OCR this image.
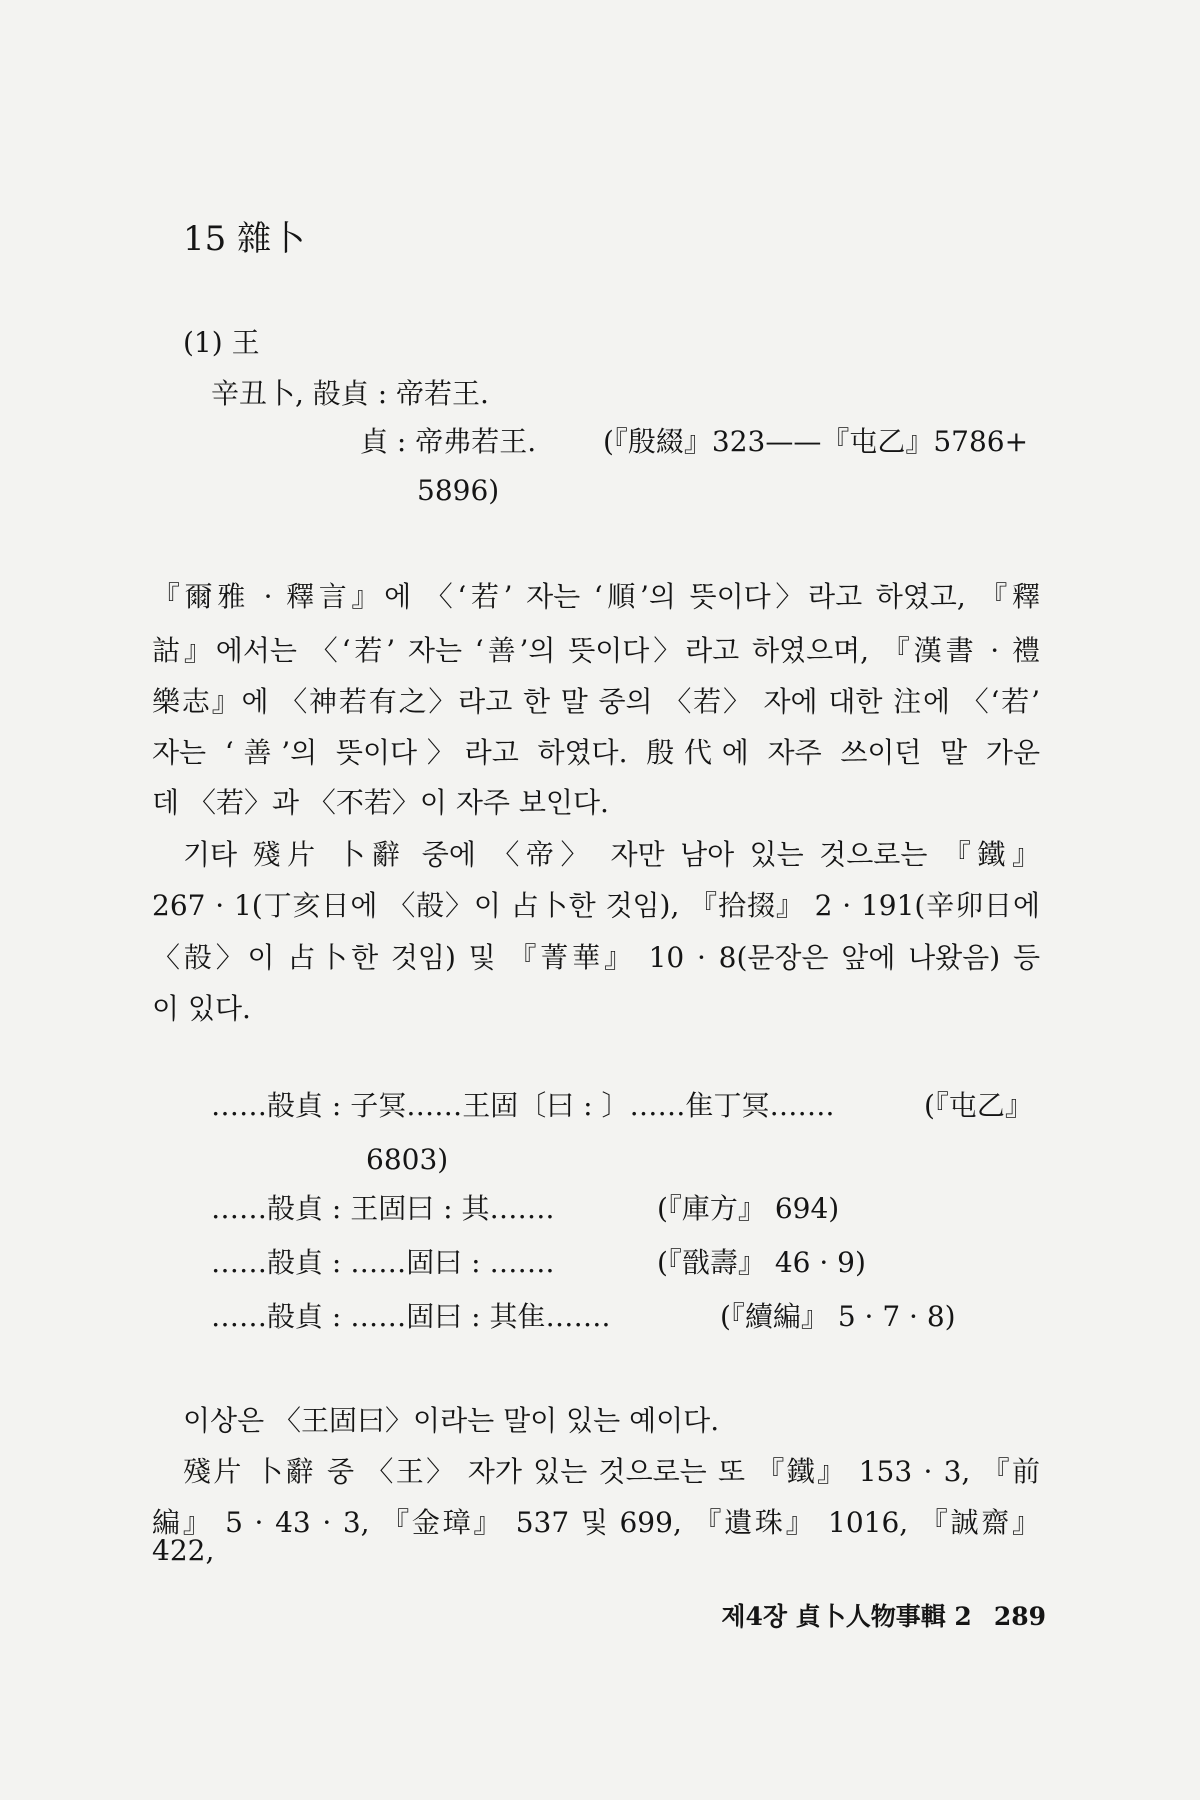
15 雜卜
(1) 王
辛丑卜, 㱿貞 : 帝若王.
貞 : 帝弗若王. (『殷綴』323——『屯乙』5786+
5896)
『爾雅 · 釋言』에 〈‘若’ 자는 ‘順’의 뜻이다〉라고 하였고, 『釋
詁』에서는 〈‘若’ 자는 ‘善’의 뜻이다〉라고 하였으며, 『漢書 · 禮
樂志』에 〈神若有之〉라고 한 말 중의 〈若〉 자에 대한 注에 〈‘若’
자는 ‘善’의 뜻이다〉라고 하였다. 殷代에 자주 쓰이던 말 가운
데 〈若〉과 〈不若〉이 자주 보인다.
기타 殘片 卜辭 중에 〈帝〉 자만 남아 있는 것으로는 『鐵』
267 · 1(丁亥日에 〈㱿〉이 占卜한 것임), 『拾掇』 2 · 191(辛卯日에
〈㱿〉이 占卜한 것임) 및 『菁華』 10 · 8(문장은 앞에 나왔음) 등
이 있다.
……㱿貞 : 子冥……王固〔曰 : 〕……隹丁冥…….	(『屯乙』
6803)
……㱿貞 : 王固曰 : 其…….	(『庫方』 694)
……㱿貞 : ……固曰 : …….	(『戩壽』 46 · 9)
……㱿貞 : ……固曰 : 其隹…….	(『續編』 5 · 7 · 8)
이상은 〈王固曰〉이라는 말이 있는 예이다.
殘片 卜辭 중 〈王〉 자가 있는 것으로는 또 『鐵』 153 · 3, 『前
編』 5 · 43 · 3, 『金璋』 537 및 699, 『遺珠』 1016, 『誠齋』 422,
제4장 貞卜人物事輯 2 289
